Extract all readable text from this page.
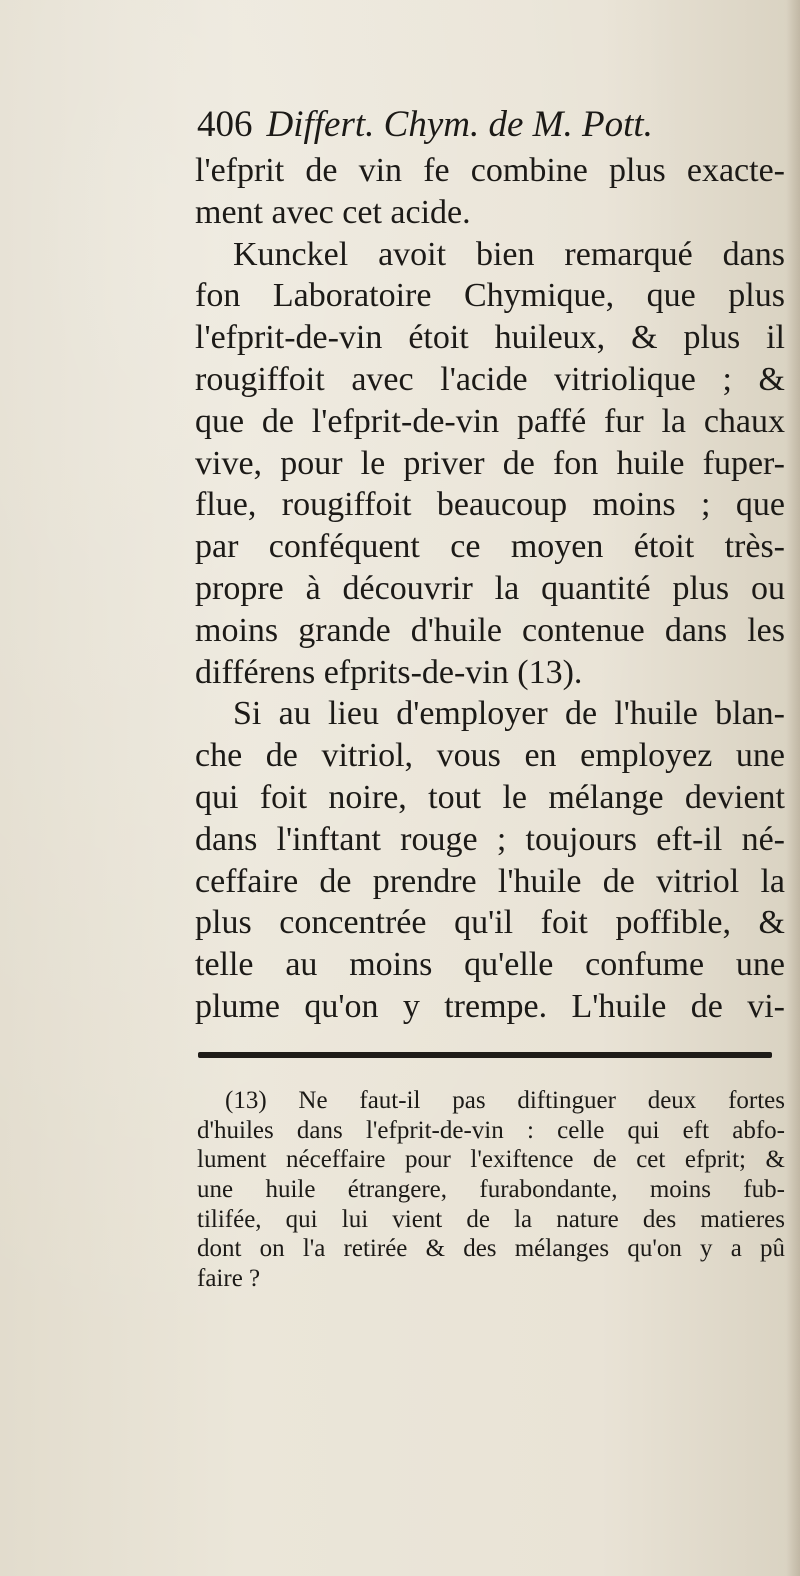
406 Differt. Chym. de M. Pott.
l'efprit de vin fe combine plus exacte-
ment avec cet acide.
Kunckel avoit bien remarqué dans
fon Laboratoire Chymique, que plus
l'efprit-de-vin étoit huileux, & plus il
rougiffoit avec l'acide vitriolique ; &
que de l'efprit-de-vin paffé fur la chaux
vive, pour le priver de fon huile fuper-
flue, rougiffoit beaucoup moins ; que
par conféquent ce moyen étoit très-
propre à découvrir la quantité plus ou
moins grande d'huile contenue dans les
différens efprits-de-vin (13).
Si au lieu d'employer de l'huile blan-
che de vitriol, vous en employez une
qui foit noire, tout le mélange devient
dans l'inftant rouge ; toujours eft-il né-
ceffaire de prendre l'huile de vitriol la
plus concentrée qu'il foit poffible, &
telle au moins qu'elle confume une
plume qu'on y trempe. L'huile de vi-
(13) Ne faut-il pas diftinguer deux fortes
d'huiles dans l'efprit-de-vin : celle qui eft abfo-
lument néceffaire pour l'exiftence de cet efprit; &
une huile étrangere, furabondante, moins fub-
tilifée, qui lui vient de la nature des matieres
dont on l'a retirée & des mélanges qu'on y a pû
faire ?
